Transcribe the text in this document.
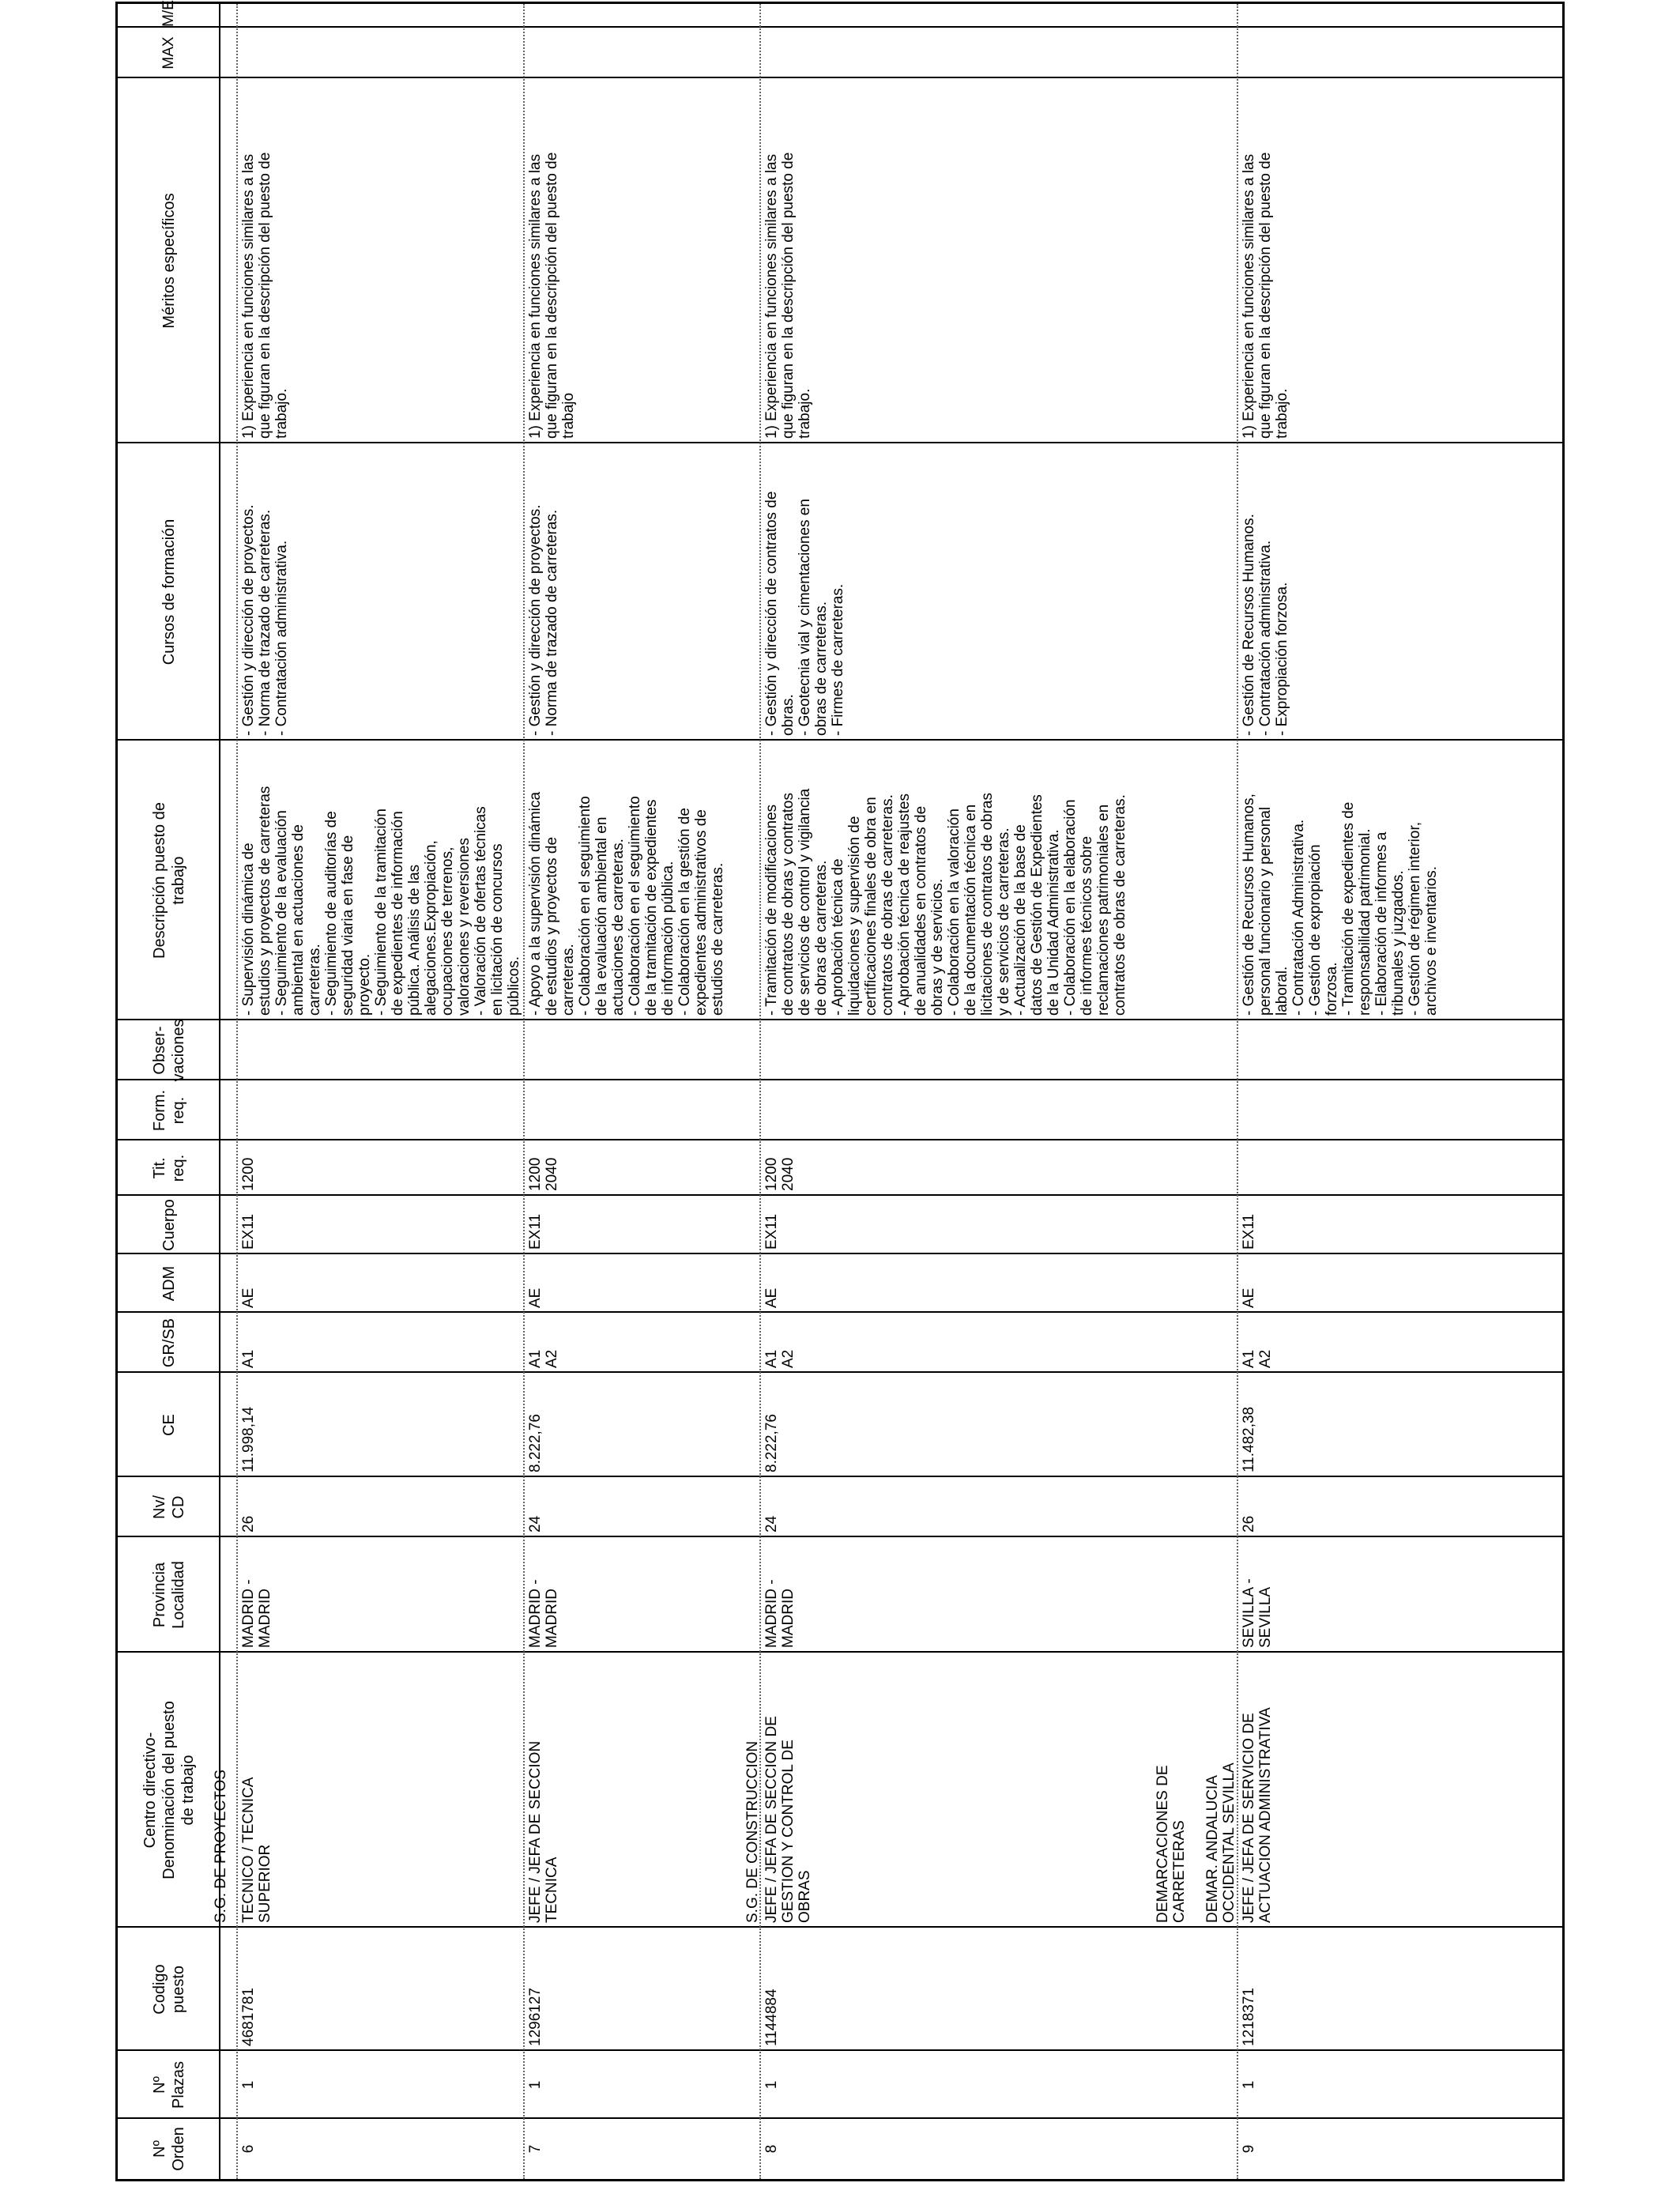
Nº
Orden
Nº
Plazas
Codigo
puesto
Centro directivo-
Denominación del puesto
de trabajo
Provincia
Localidad
Nv/
CD
CE
GR/SB
ADM
Cuerpo
Tit.
req.
Form.
req.
Obser-
vaciones
Descripción puesto de
trabajo
Cursos de formación
Méritos específicos
MAX
M/E
6
1
4681781
S.G. DE PROYECTOS TECNICO / TECNICA
SUPERIOR
MADRID -
MADRID
26
11.998,14
A1
AE
EX11
1200
- Supervisión dinámica de
estudios y proyectos de carreteras
- Seguimiento de la evaluación
ambiental en actuaciones de
carreteras.
- Seguimiento de auditorías de
seguridad viaria en fase de
proyecto.
- Seguimiento de la tramitación
de expedientes de información
pública. Análisis de las
alegaciones.Expropiación,
ocupaciones de terrenos,
valoraciones y reversiones
- Valoración de ofertas técnicas
en licitación de concursos
públicos.
- Gestión y dirección de proyectos.
- Norma de trazado de carreteras.
- Contratación administrativa.
1) Experiencia en funciones similares a las
que figuran en la descripción del puesto de
trabajo.
7
1
1296127
JEFE / JEFA DE SECCION
TECNICA
MADRID -
MADRID
24
8.222,76
A1
A2
AE
EX11
1200
2040
- Apoyo a la supervisión dinámica
de estudios y proyectos de
carreteras.
- Colaboración en el seguimiento
de la evaluación ambiental en
actuaciones de carreteras.
- Colaboración en el seguimiento
de la tramitación de expedientes
de información pública.
- Colaboración en la gestión de
expedientes administrativos de
estudios de carreteras.
- Gestión y dirección de proyectos.
- Norma de trazado de carreteras.
1) Experiencia en funciones similares a las
que figuran en la descripción del puesto de
trabajo
8
1
1144884
S.G. DE CONSTRUCCION JEFE / JEFA DE SECCION DE
GESTION Y CONTROL DE
OBRAS
MADRID -
MADRID
24
8.222,76
A1
A2
AE
EX11
1200
2040
- Tramitación de modificaciones
de contratos de obras y contratos
de servicios de control y vigilancia
de obras de carreteras.
- Aprobación técnica de
liquidaciones y supervisión de
certificaciones finales de obra en
contratos de obras de carreteras.
- Aprobación técnica de reajustes
de anualidades en contratos de
obras y de servicios.
- Colaboración en la valoración
de la documentación técnica en
licitaciones de contratos de obras
y de servicios de carreteras.
- Actualización de la base de
datos de Gestión de Expedientes
de la Unidad Administrativa.
- Colaboración en la elaboración
de informes técnicos sobre
reclamaciones patrimoniales en
contratos de obras de carreteras.
- Gestión y dirección de contratos de
obras.
- Geotecnia vial y cimentaciones en
obras de carreteras.
- Firmes de carreteras.
1) Experiencia en funciones similares a las
que figuran en la descripción del puesto de
trabajo.
9
1
1218371
DEMARCACIONES DE
CARRETERAS

DEMAR. ANDALUCIA
OCCIDENTAL SEVILLA
JEFE / JEFA DE SERVICIO DE
ACTUACION ADMINISTRATIVA
SEVILLA -
SEVILLA
26
11.482,38
A1
A2
AE
EX11
- Gestión de Recursos Humanos,
personal funcionario y personal
laboral.
- Contratación Administrativa.
- Gestión de expropiación
forzosa.
- Tramitación de expedientes de
responsabilidad patrimonial.
- Elaboración de informes a
tribunales y juzgados.
- Gestión de régimen interior,
archivos e inventarios.
- Gestión de Recursos Humanos.
- Contratación administrativa.
- Expropiación forzosa.
1) Experiencia en funciones similares a las
que figuran en la descripción del puesto de
trabajo.
